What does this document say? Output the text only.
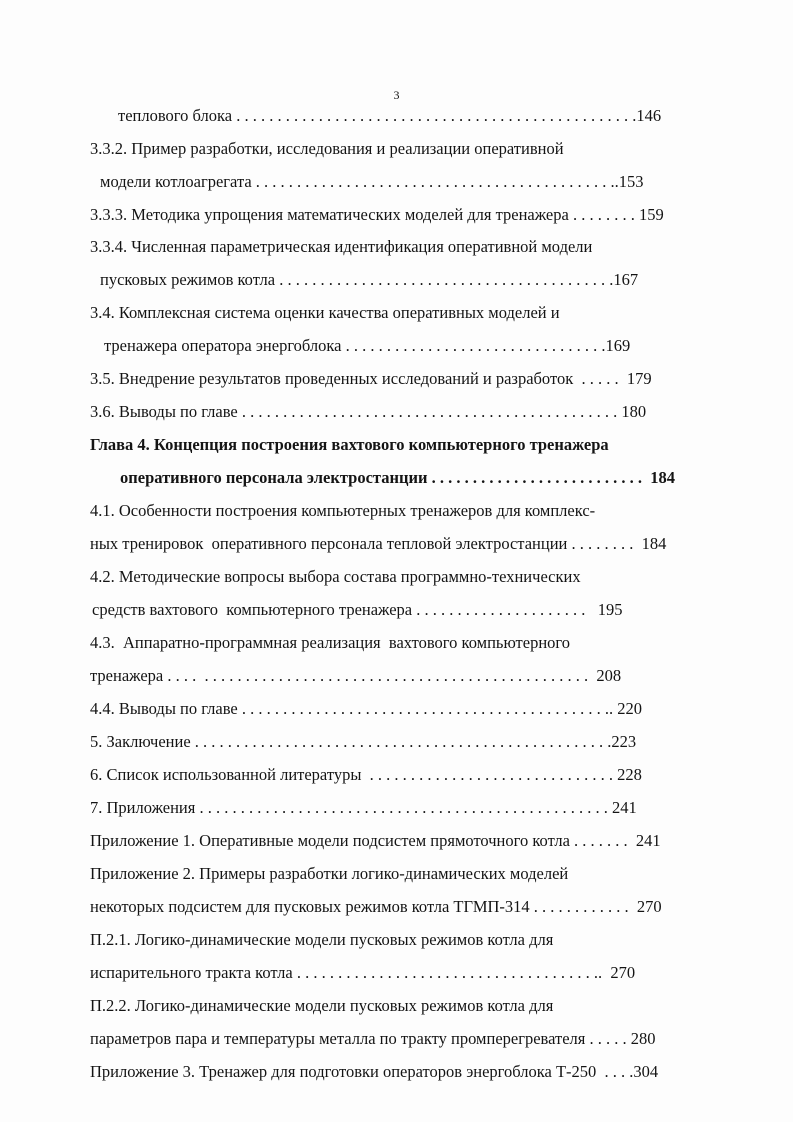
3
теплового блока . . . . . . . . . . . . . . . . . . . . . . . . . . . . . . . . . . . . . . . . . . . . . . . . .146
3.3.2. Пример разработки, исследования и реализации оперативной
модели котлоагрегата . . . . . . . . . . . . . . . . . . . . . . . . . . . . . . . . . . . . . . . . . . . ..153
3.3.3. Методика упрощения математических моделей для тренажера . . . . . . . . 159
3.3.4. Численная параметрическая идентификация оперативной модели
пусковых режимов котла . . . . . . . . . . . . . . . . . . . . . . . . . . . . . . . . . . . . . . . . .167
3.4. Комплексная система оценки качества оперативных моделей и
тренажера оператора энергоблока . . . . . . . . . . . . . . . . . . . . . . . . . . . . . . . .169
3.5. Внедрение результатов проведенных исследований и разработок  . . . . .  179
3.6. Выводы по главе . . . . . . . . . . . . . . . . . . . . . . . . . . . . . . . . . . . . . . . . . . . . . . 180
Глава 4. Концепция построения вахтового компьютерного тренажера
оперативного персонала электростанции . . . . . . . . . . . . . . . . . . . . . . . . . .  184
4.1. Особенности построения компьютерных тренажеров для комплекс-
ных тренировок  оперативного персонала тепловой электростанции . . . . . . . .  184
4.2. Методические вопросы выбора состава программно-технических
средств вахтового  компьютерного тренажера . . . . . . . . . . . . . . . . . . . . .   195
4.3.  Аппаратно-программная реализация  вахтового компьютерного
тренажера . . . .  . . . . . . . . . . . . . . . . . . . . . . . . . . . . . . . . . . . . . . . . . . . . . . .  208
4.4. Выводы по главе . . . . . . . . . . . . . . . . . . . . . . . . . . . . . . . . . . . . . . . . . . . . .. 220
5. Заключение . . . . . . . . . . . . . . . . . . . . . . . . . . . . . . . . . . . . . . . . . . . . . . . . . . .223
6. Список использованной литературы  . . . . . . . . . . . . . . . . . . . . . . . . . . . . . . 228
7. Приложения . . . . . . . . . . . . . . . . . . . . . . . . . . . . . . . . . . . . . . . . . . . . . . . . . . 241
Приложение 1. Оперативные модели подсистем прямоточного котла . . . . . . .  241
Приложение 2. Примеры разработки логико-динамических моделей
некоторых подсистем для пусковых режимов котла ТГМП-314 . . . . . . . . . . . .  270
П.2.1. Логико-динамические модели пусковых режимов котла для
испарительного тракта котла . . . . . . . . . . . . . . . . . . . . . . . . . . . . . . . . . . . . ..  270
П.2.2. Логико-динамические модели пусковых режимов котла для
параметров пара и температуры металла по тракту промперегревателя . . . . . 280
Приложение 3. Тренажер для подготовки операторов энергоблока Т-250  . . . .304
